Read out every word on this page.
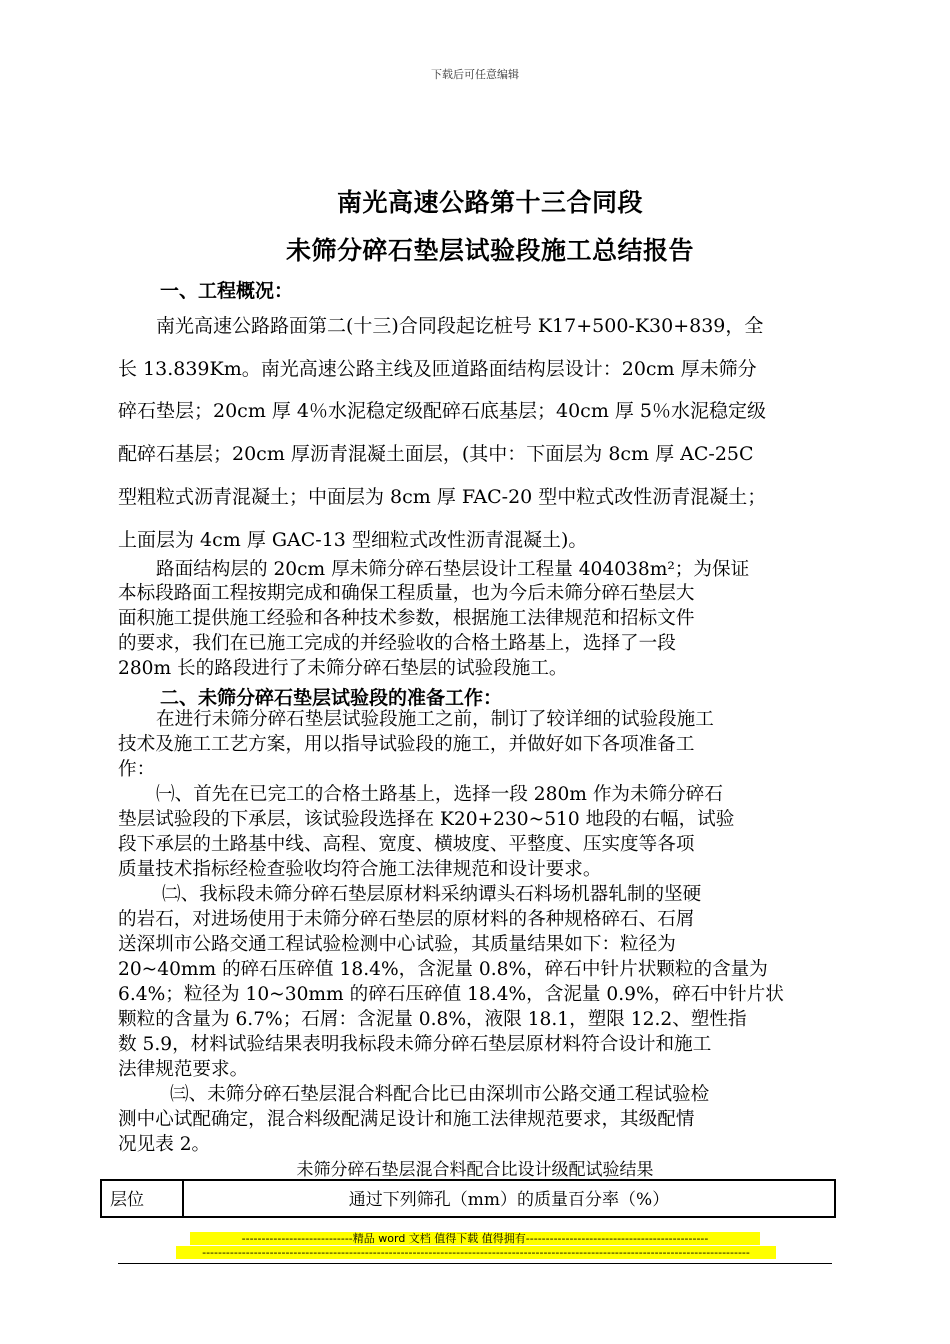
下载后可任意编辑
南光高速公路第十三合同段
未筛分碎石垫层试验段施工总结报告
一、工程概况：
南光高速公路路面第二(十三)合同段起讫桩号 K17+500-K30+839，全
长 13.839Km。南光高速公路主线及匝道路面结构层设计：20cm 厚未筛分
碎石垫层；20cm 厚 4％水泥稳定级配碎石底基层；40cm 厚 5％水泥稳定级
配碎石基层；20cm 厚沥青混凝土面层，(其中：下面层为 8cm 厚 AC-25C
型粗粒式沥青混凝土；中面层为 8cm 厚 FAC-20 型中粒式改性沥青混凝土；
上面层为 4cm 厚 GAC-13 型细粒式改性沥青混凝土)。
路面结构层的 20cm 厚未筛分碎石垫层设计工程量 404038m²；为保证
本标段路面工程按期完成和确保工程质量，也为今后未筛分碎石垫层大
面积施工提供施工经验和各种技术参数，根据施工法律规范和招标文件
的要求，我们在已施工完成的并经验收的合格土路基上，选择了一段
280m 长的路段进行了未筛分碎石垫层的试验段施工。
二、未筛分碎石垫层试验段的准备工作：
在进行未筛分碎石垫层试验段施工之前，制订了较详细的试验段施工
技术及施工工艺方案，用以指导试验段的施工，并做好如下各项准备工
作：
㈠、首先在已完工的合格土路基上，选择一段 280m 作为未筛分碎石
垫层试验段的下承层，该试验段选择在 K20+230~510 地段的右幅，试验
段下承层的土路基中线、高程、宽度、横坡度、平整度、压实度等各项
质量技术指标经检查验收均符合施工法律规范和设计要求。
㈡、我标段未筛分碎石垫层原材料采纳谭头石料场机器轧制的坚硬
的岩石，对进场使用于未筛分碎石垫层的原材料的各种规格碎石、石屑
送深圳市公路交通工程试验检测中心试验，其质量结果如下：粒径为
20~40mm 的碎石压碎值 18.4%，含泥量 0.8%，碎石中针片状颗粒的含量为
6.4%；粒径为 10~30mm 的碎石压碎值 18.4%，含泥量 0.9%，碎石中针片状
颗粒的含量为 6.7%；石屑：含泥量 0.8%，液限 18.1，塑限 12.2、塑性指
数 5.9，材料试验结果表明我标段未筛分碎石垫层原材料符合设计和施工
法律规范要求。
㈢、未筛分碎石垫层混合料配合比已由深圳市公路交通工程试验检
测中心试配确定，混合料级配满足设计和施工法律规范要求，其级配情
况见表 2。
未筛分碎石垫层混合料配合比设计级配试验结果
层位	通过下列筛孔（mm）的质量百分率（%）
----------------------------精品 word 文档 值得下载 值得拥有----------------------------------------------
------------------------------------------------------------------------------------------------------------------------------------------
